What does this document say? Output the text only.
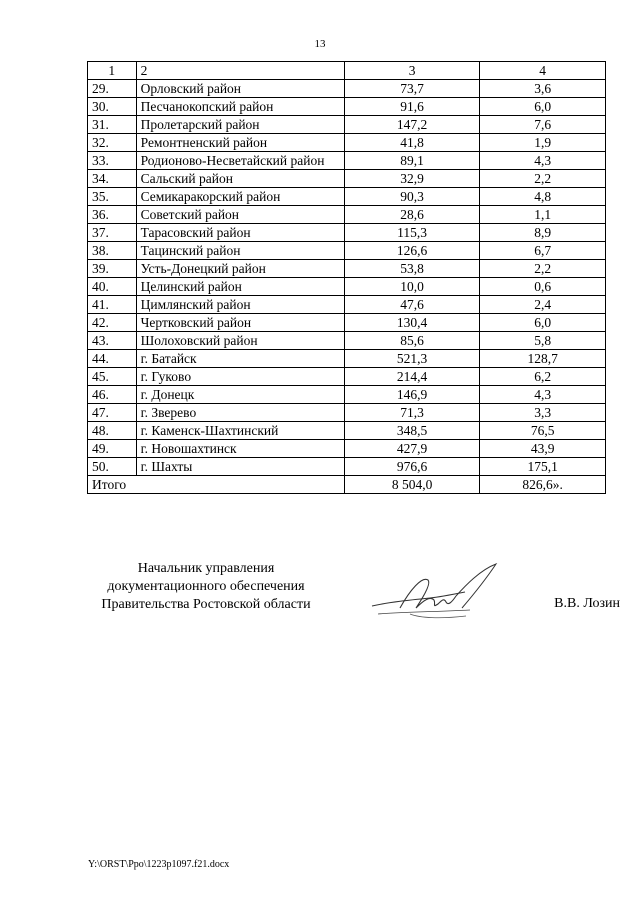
13
1	2	3	4
29.	Орловский район	73,7	3,6
30.	Песчанокопский район	91,6	6,0
31.	Пролетарский район	147,2	7,6
32.	Ремонтненский район	41,8	1,9
33.	Родионово-Несветайский район	89,1	4,3
34.	Сальский район	32,9	2,2
35.	Семикаракорский район	90,3	4,8
36.	Советский район	28,6	1,1
37.	Тарасовский район	115,3	8,9
38.	Тацинский район	126,6	6,7
39.	Усть-Донецкий район	53,8	2,2
40.	Целинский район	10,0	0,6
41.	Цимлянский район	47,6	2,4
42.	Чертковский район	130,4	6,0
43.	Шолоховский район	85,6	5,8
44.	г. Батайск	521,3	128,7
45.	г. Гуково	214,4	6,2
46.	г. Донецк	146,9	4,3
47.	г. Зверево	71,3	3,3
48.	г. Каменск-Шахтинский	348,5	76,5
49.	г. Новошахтинск	427,9	43,9
50.	г. Шахты	976,6	175,1
Итого		8 504,0	826,6».
Начальник управления
документационного обеспечения
Правительства Ростовской области	В.В. Лозин
Y:\ORST\Ppo\1223p1097.f21.docx
